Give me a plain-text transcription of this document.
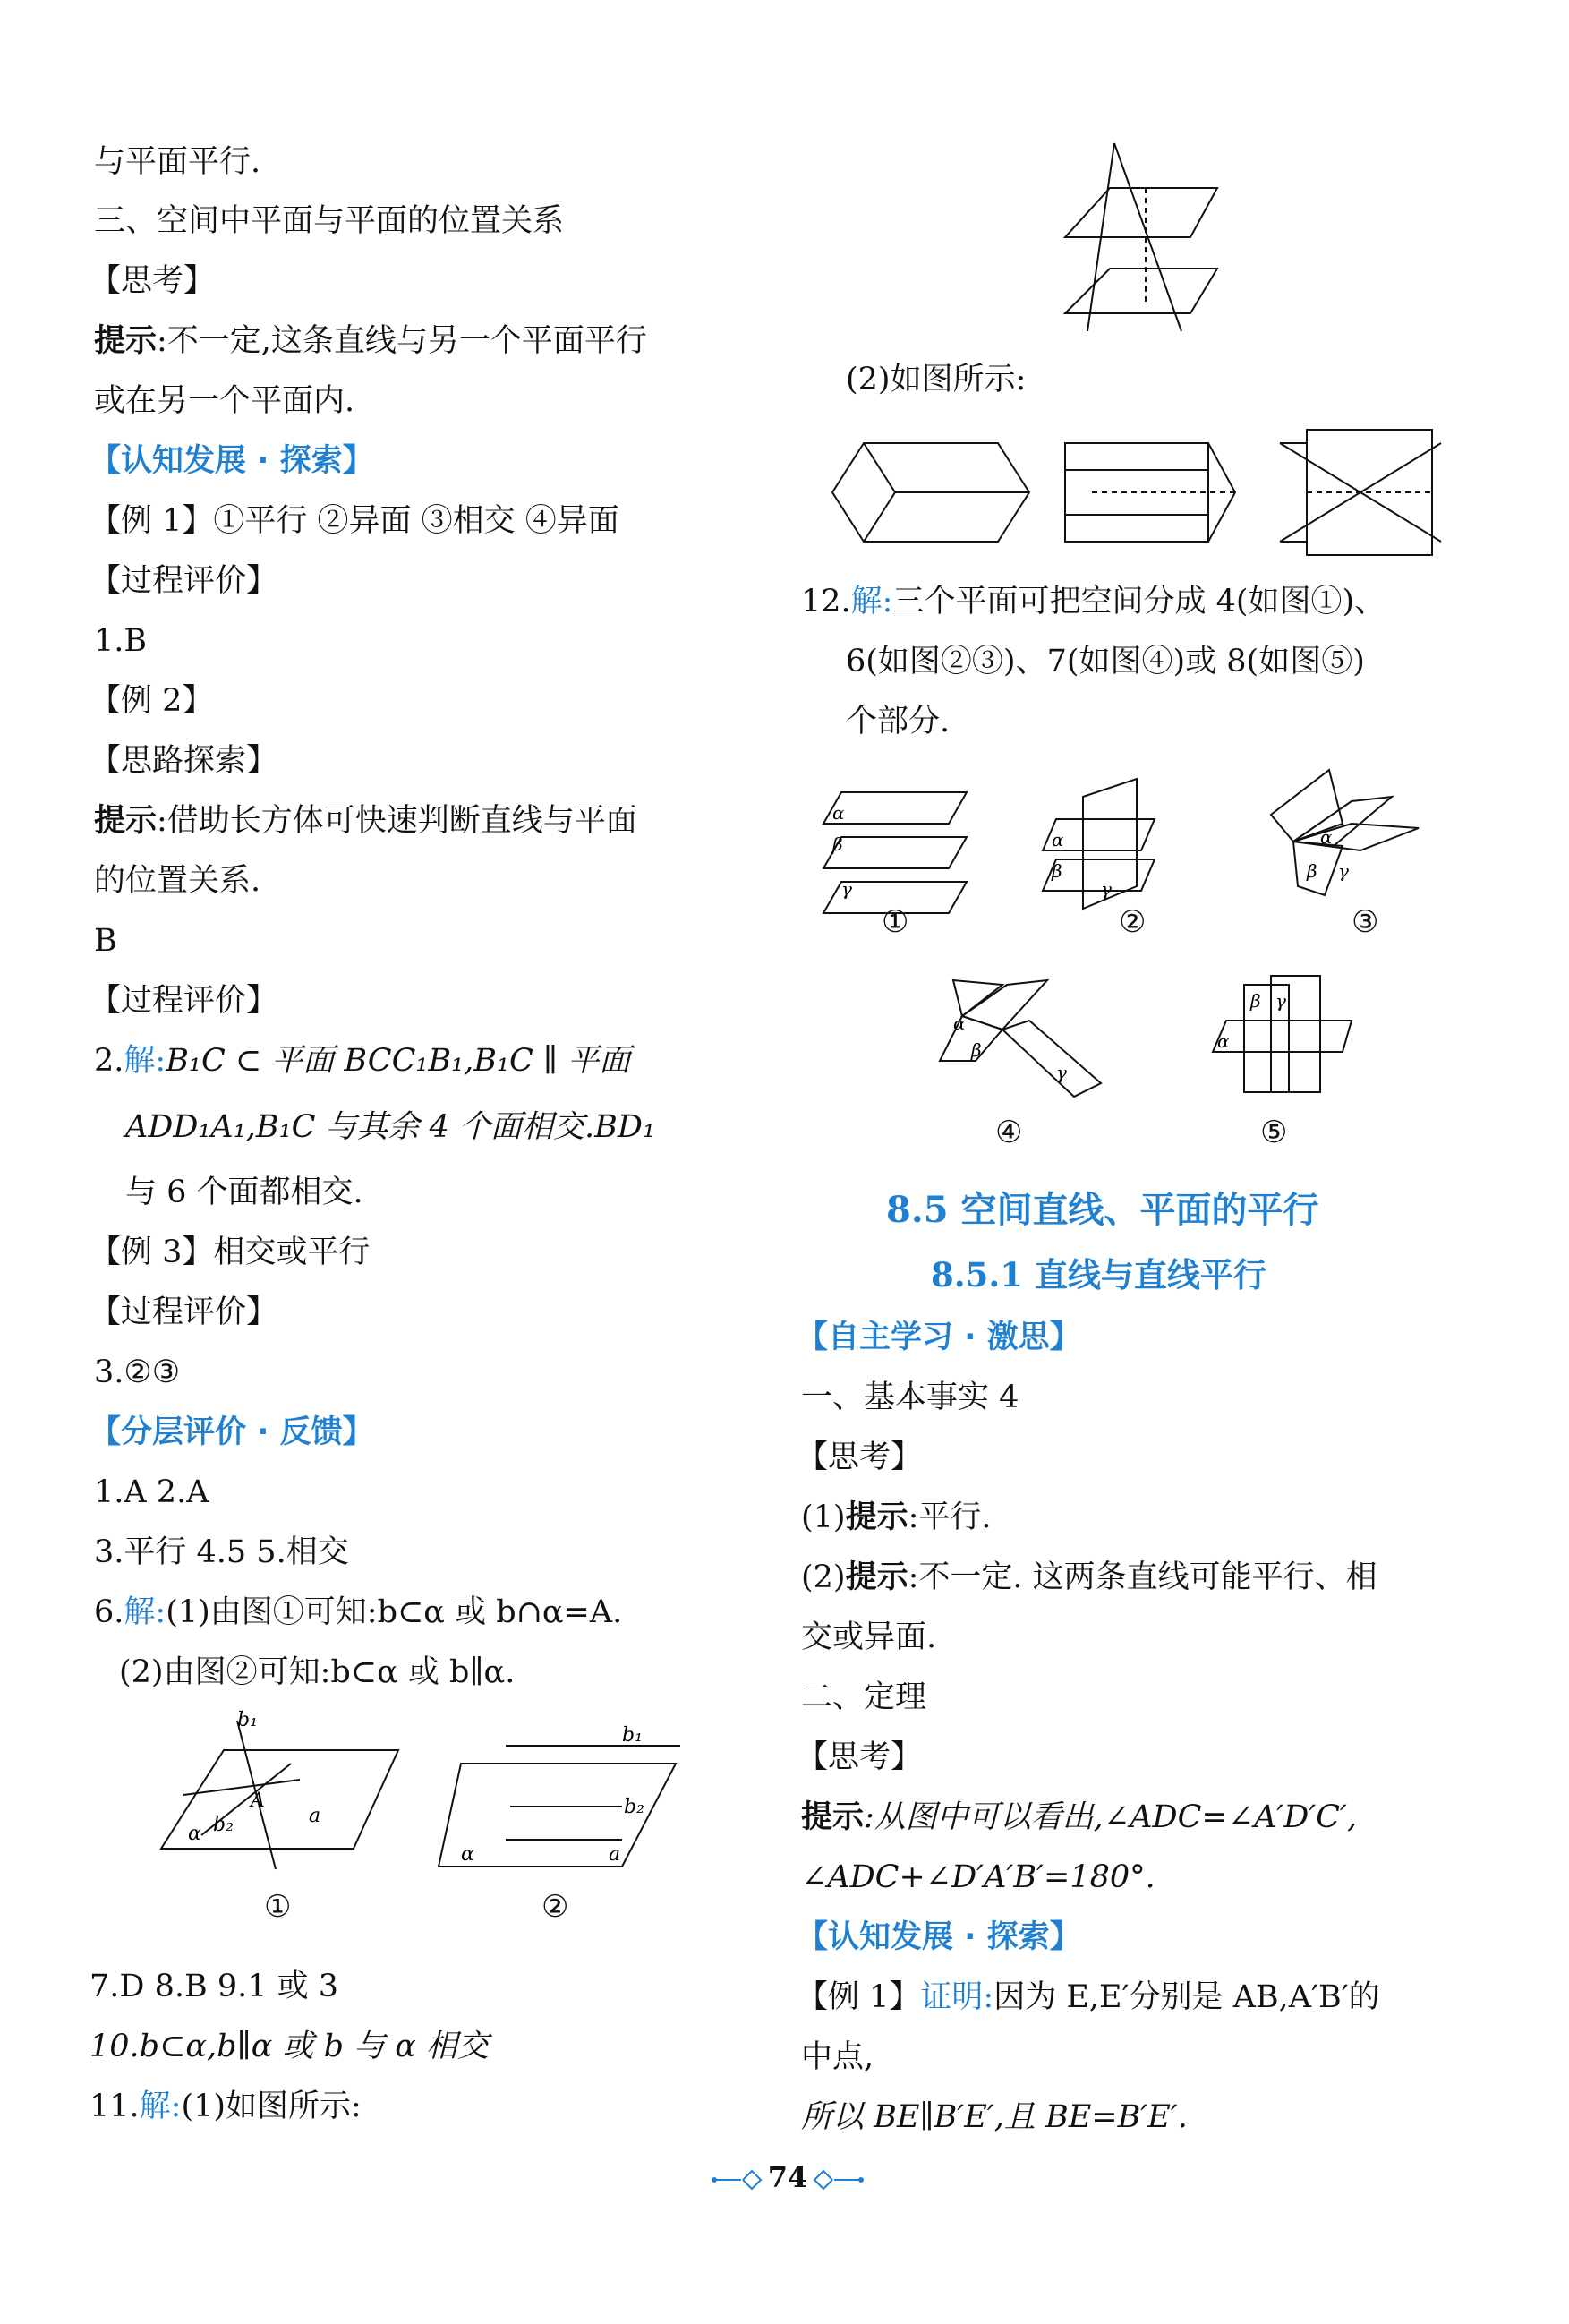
与平面平行.
三、空间中平面与平面的位置关系
【思考】
提示:不一定,这条直线与另一个平面平行
或在另一个平面内.
【认知发展 · 探索】
【例 1】①平行 ②异面 ③相交 ④异面
【过程评价】
1.B
【例 2】
【思路探索】
提示:借助长方体可快速判断直线与平面
的位置关系.
B
【过程评价】
2.解:B₁C ⊂ 平面 BCC₁B₁,B₁C ∥ 平面
ADD₁A₁,B₁C 与其余 4 个面相交.BD₁
与 6 个面都相交.
【例 3】相交或平行
【过程评价】
3.②③
【分层评价 · 反馈】
1.A 2.A
3.平行 4.5 5.相交
6.解:(1)由图①可知:b⊂α 或 b∩α=A.
(2)由图②可知:b⊂α 或 b∥α.
b₁
A
b₂	a
α
b₁
b₂
α	a
①	②
7.D 8.B 9.1 或 3
10.b⊂α,b∥α 或 b 与 α 相交
11.解:(1)如图所示:
(2)如图所示:
12.解:三个平面可把空间分成 4(如图①)、
6(如图②③)、7(如图④)或 8(如图⑤)
个部分.
α
β
γ
α
β
γ
α
β γ
α
β
γ
α
β γ
①	②	③
④	⑤
8.5 空间直线、平面的平行
8.5.1 直线与直线平行
【自主学习 · 激思】
一、基本事实 4
【思考】
(1)提示:平行.
(2)提示:不一定. 这两条直线可能平行、相
交或异面.
二、定理
【思考】
提示:从图中可以看出,∠ADC=∠A′D′C′,
∠ADC+∠D′A′B′=180°.
【认知发展 · 探索】
【例 1】证明:因为 E,E′分别是 AB,A′B′的
中点,
所以 BE∥B′E′,且 BE=B′E′.
74
